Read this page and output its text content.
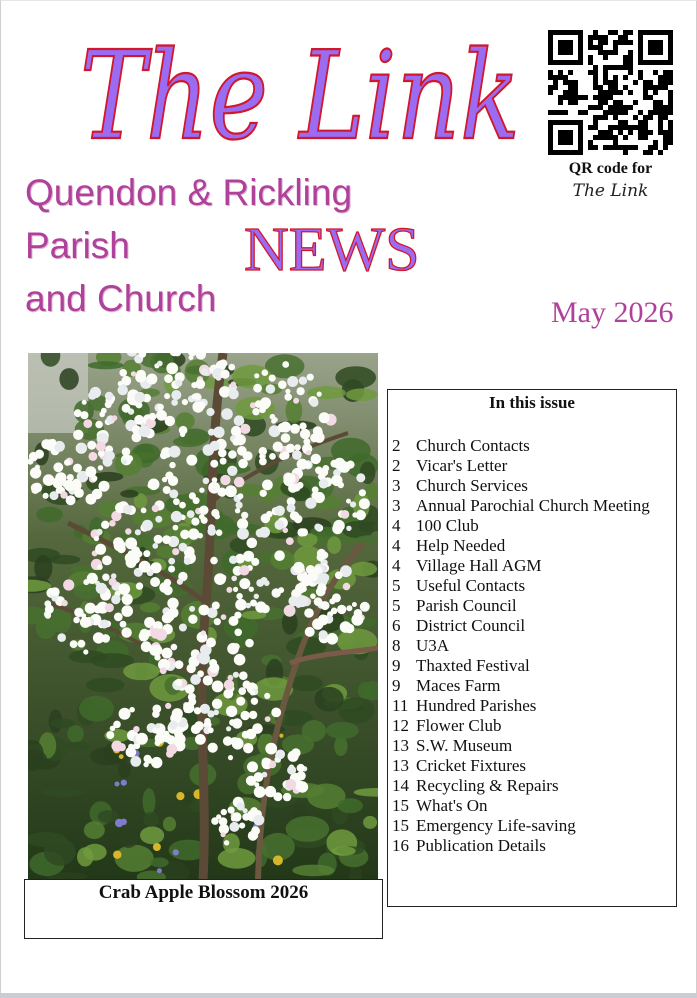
The Link
Quendon & Rickling
Parish
and Church
NEWS
May 2026
QR code for
The Link
Crab Apple Blossom 2026
In this issue
2 Church Contacts
2 Vicar's Letter
3 Church Services
3 Annual Parochial Church Meeting
4 100 Club
4 Help Needed
4 Village Hall AGM
5 Useful Contacts
5 Parish Council
6 District Council
8 U3A
9 Thaxted Festival
9 Maces Farm
11 Hundred Parishes
12 Flower Club
13 S.W. Museum
13 Cricket Fixtures
14 Recycling & Repairs
15 What's On
15 Emergency Life-saving
16 Publication Details
